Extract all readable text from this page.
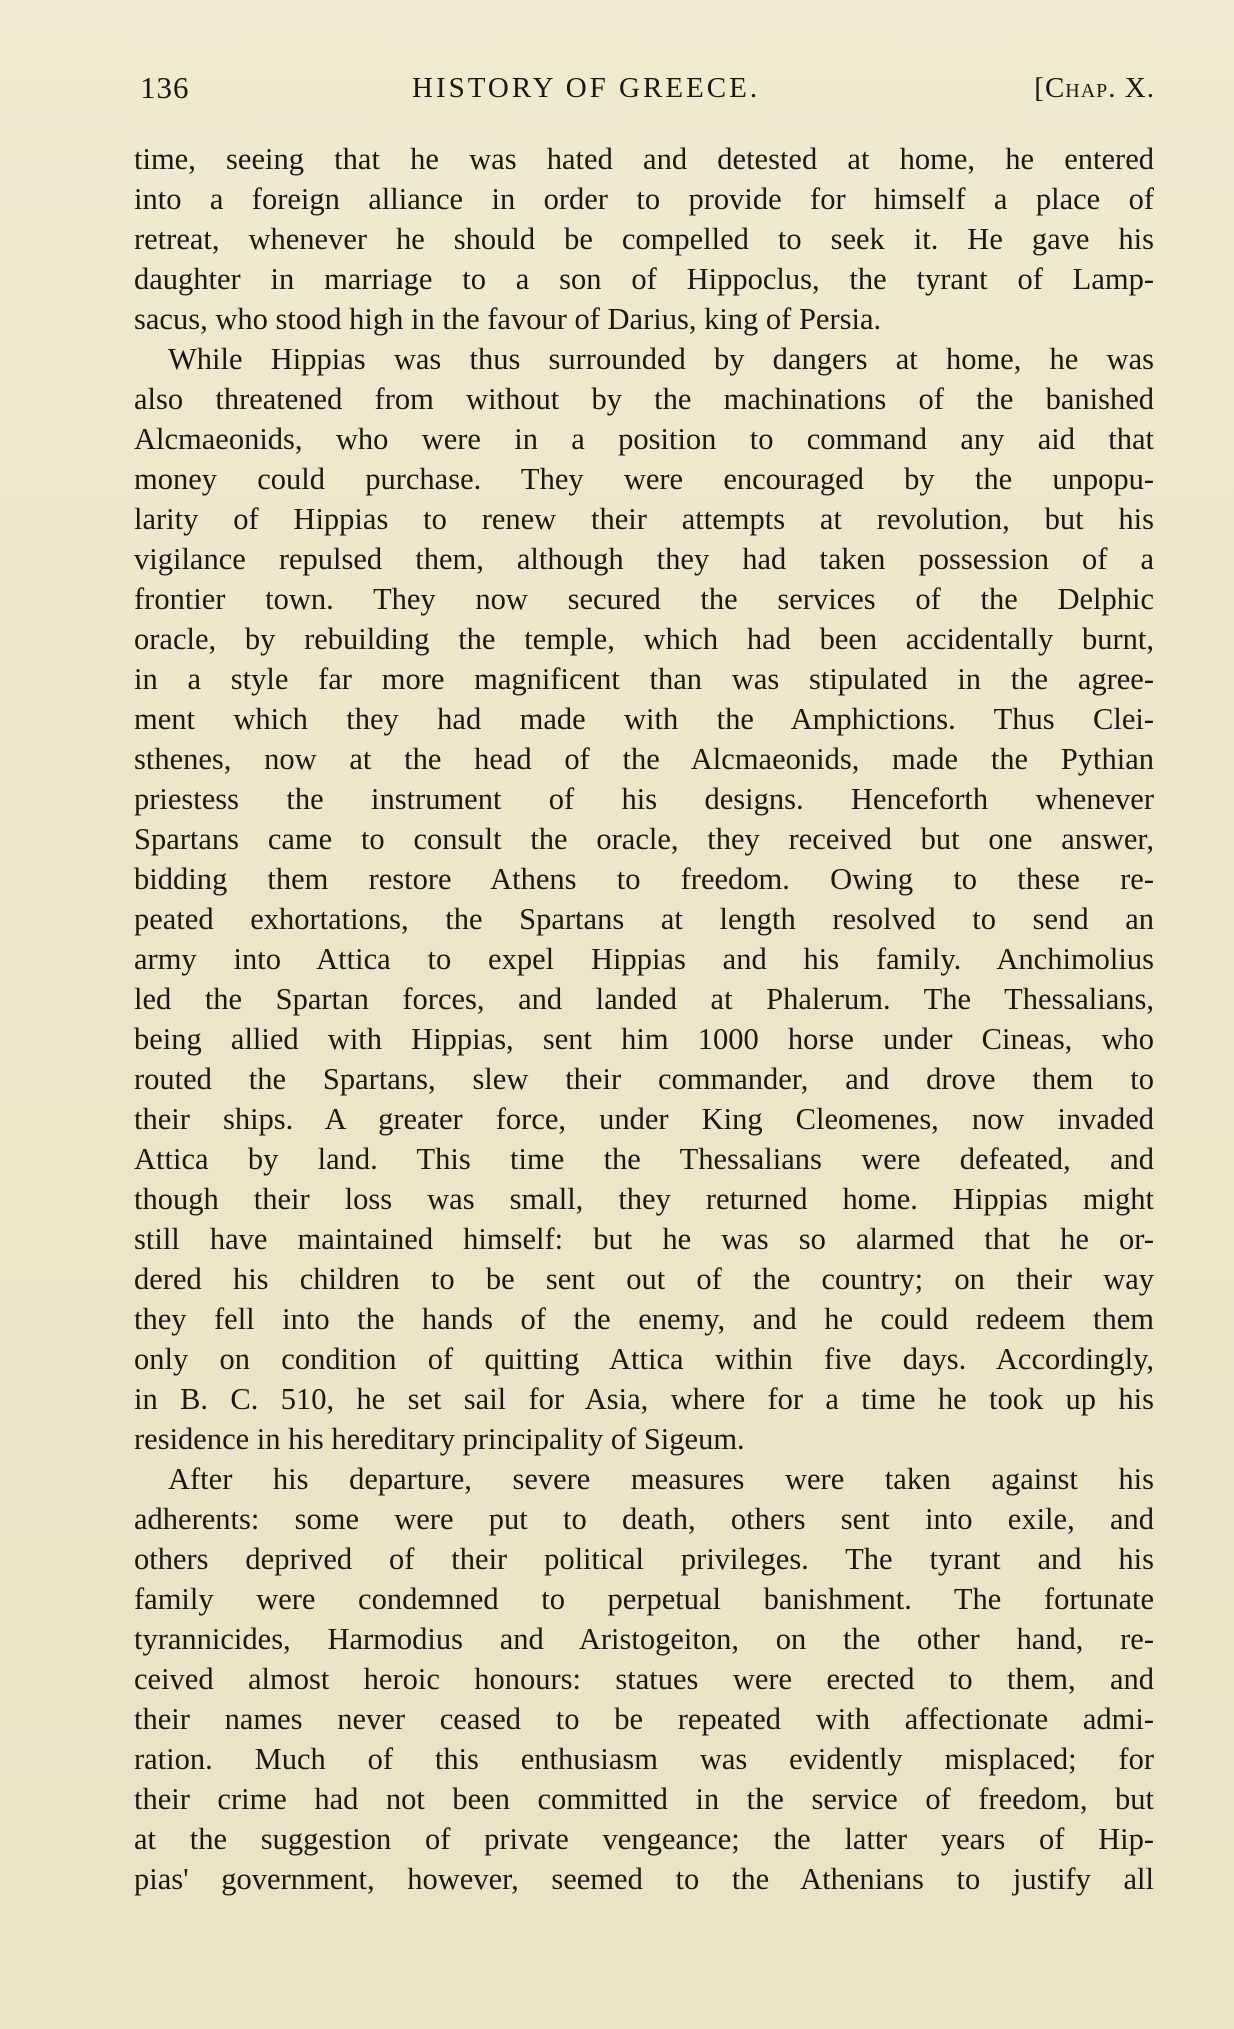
136	HISTORY OF GREECE.	[Chap. X.
time, seeing that he was hated and detested at home, he entered
into a foreign alliance in order to provide for himself a place of
retreat, whenever he should be compelled to seek it. He gave his
daughter in marriage to a son of Hippoclus, the tyrant of Lamp-
sacus, who stood high in the favour of Darius, king of Persia.
While Hippias was thus surrounded by dangers at home, he was
also threatened from without by the machinations of the banished
Alcmaeonids, who were in a position to command any aid that
money could purchase. They were encouraged by the unpopu-
larity of Hippias to renew their attempts at revolution, but his
vigilance repulsed them, although they had taken possession of a
frontier town. They now secured the services of the Delphic
oracle, by rebuilding the temple, which had been accidentally burnt,
in a style far more magnificent than was stipulated in the agree-
ment which they had made with the Amphictions. Thus Clei-
sthenes, now at the head of the Alcmaeonids, made the Pythian
priestess the instrument of his designs. Henceforth whenever
Spartans came to consult the oracle, they received but one answer,
bidding them restore Athens to freedom. Owing to these re-
peated exhortations, the Spartans at length resolved to send an
army into Attica to expel Hippias and his family. Anchimolius
led the Spartan forces, and landed at Phalerum. The Thessalians,
being allied with Hippias, sent him 1000 horse under Cineas, who
routed the Spartans, slew their commander, and drove them to
their ships. A greater force, under King Cleomenes, now invaded
Attica by land. This time the Thessalians were defeated, and
though their loss was small, they returned home. Hippias might
still have maintained himself: but he was so alarmed that he or-
dered his children to be sent out of the country; on their way
they fell into the hands of the enemy, and he could redeem them
only on condition of quitting Attica within five days. Accordingly,
in B. C. 510, he set sail for Asia, where for a time he took up his
residence in his hereditary principality of Sigeum.
After his departure, severe measures were taken against his
adherents: some were put to death, others sent into exile, and
others deprived of their political privileges. The tyrant and his
family were condemned to perpetual banishment. The fortunate
tyrannicides, Harmodius and Aristogeiton, on the other hand, re-
ceived almost heroic honours: statues were erected to them, and
their names never ceased to be repeated with affectionate admi-
ration. Much of this enthusiasm was evidently misplaced; for
their crime had not been committed in the service of freedom, but
at the suggestion of private vengeance; the latter years of Hip-
pias' government, however, seemed to the Athenians to justify all
